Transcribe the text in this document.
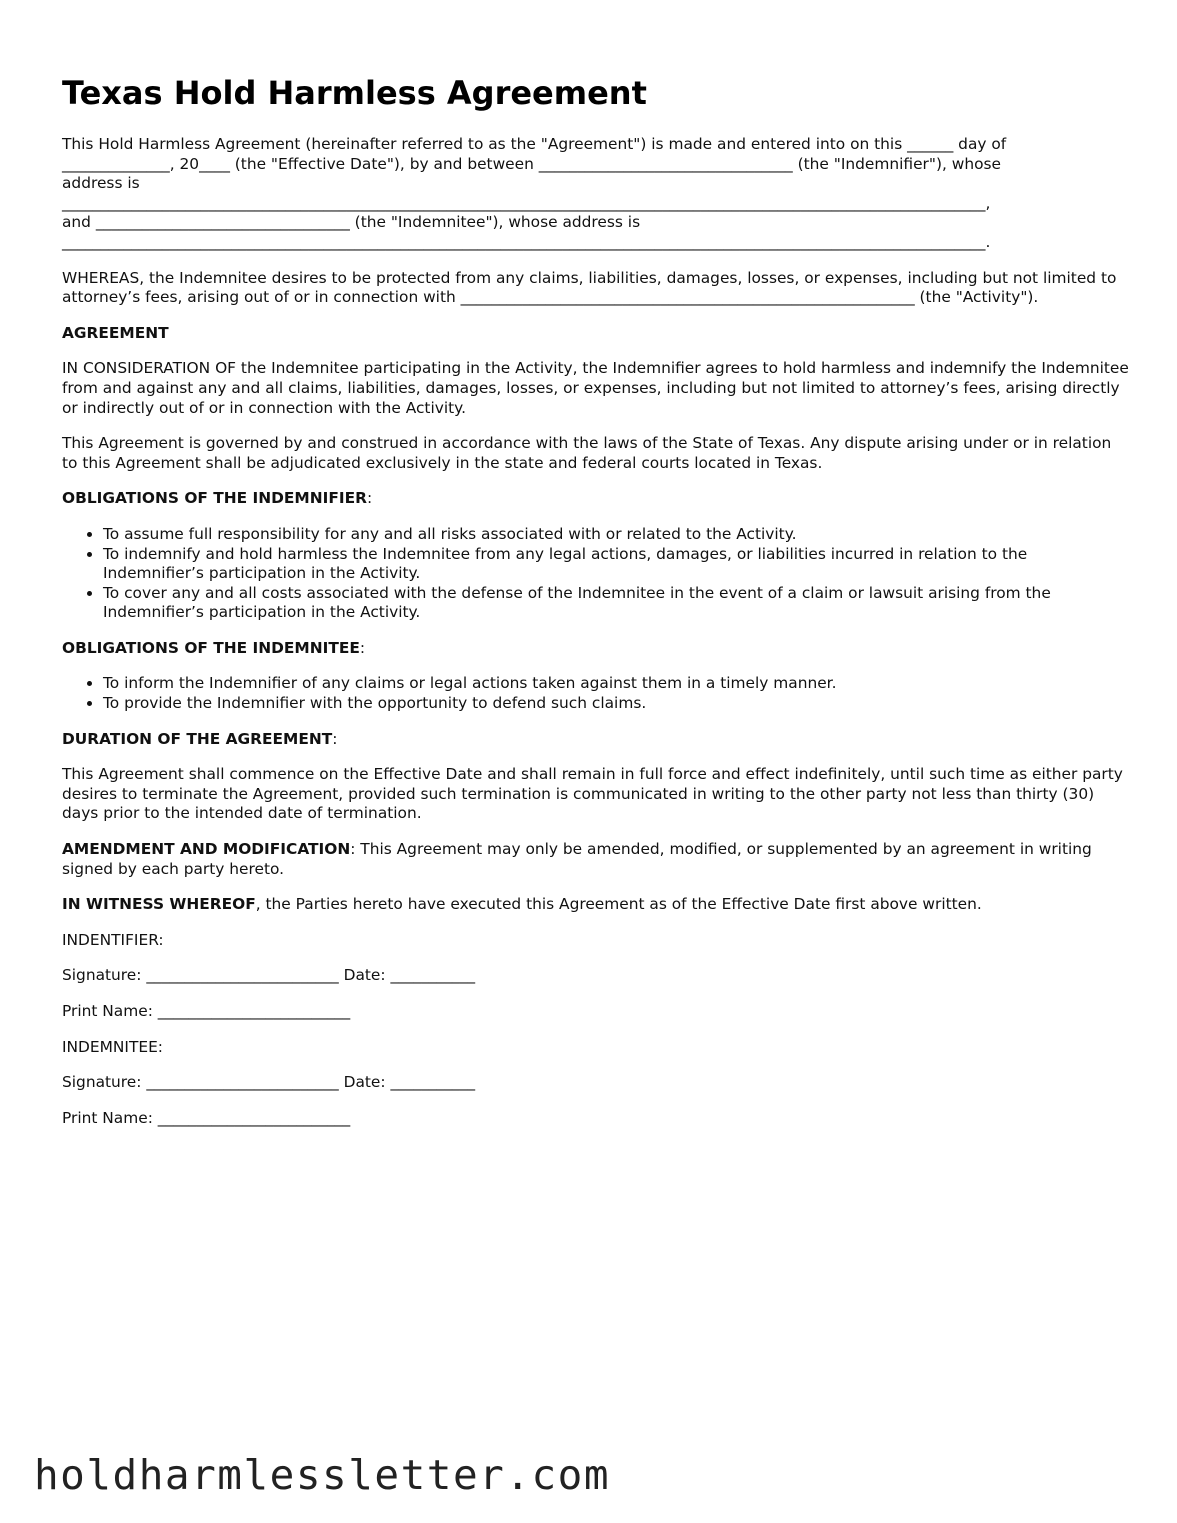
Texas Hold Harmless Agreement

This Hold Harmless Agreement (hereinafter referred to as the "Agreement") is made and entered into on this ______ day of
______________, 20____ (the "Effective Date"), by and between _________________________________ (the "Indemnifier"), whose
address is
________________________________________________________________________________________________________________________,
and _________________________________ (the "Indemnitee"), whose address is
________________________________________________________________________________________________________________________.

WHEREAS, the Indemnitee desires to be protected from any claims, liabilities, damages, losses, or expenses, including but not limited to attorney’s fees, arising out of or in connection with ___________________________________________________________ (the "Activity").

AGREEMENT

IN CONSIDERATION OF the Indemnitee participating in the Activity, the Indemnifier agrees to hold harmless and indemnify the Indemnitee from and against any and all claims, liabilities, damages, losses, or expenses, including but not limited to attorney’s fees, arising directly or indirectly out of or in connection with the Activity.

This Agreement is governed by and construed in accordance with the laws of the State of Texas. Any dispute arising under or in relation to this Agreement shall be adjudicated exclusively in the state and federal courts located in Texas.

OBLIGATIONS OF THE INDEMNIFIER:

• To assume full responsibility for any and all risks associated with or related to the Activity.
• To indemnify and hold harmless the Indemnitee from any legal actions, damages, or liabilities incurred in relation to the Indemnifier’s participation in the Activity.
• To cover any and all costs associated with the defense of the Indemnitee in the event of a claim or lawsuit arising from the Indemnifier’s participation in the Activity.

OBLIGATIONS OF THE INDEMNITEE:

• To inform the Indemnifier of any claims or legal actions taken against them in a timely manner.
• To provide the Indemnifier with the opportunity to defend such claims.

DURATION OF THE AGREEMENT:

This Agreement shall commence on the Effective Date and shall remain in full force and effect indefinitely, until such time as either party desires to terminate the Agreement, provided such termination is communicated in writing to the other party not less than thirty (30) days prior to the intended date of termination.

AMENDMENT AND MODIFICATION: This Agreement may only be amended, modified, or supplemented by an agreement in writing signed by each party hereto.

IN WITNESS WHEREOF, the Parties hereto have executed this Agreement as of the Effective Date first above written.

INDENTIFIER:

Signature: _________________________ Date: ___________

Print Name: _________________________

INDEMNITEE:

Signature: _________________________ Date: ___________

Print Name: _________________________

holdharmlessletter.com
